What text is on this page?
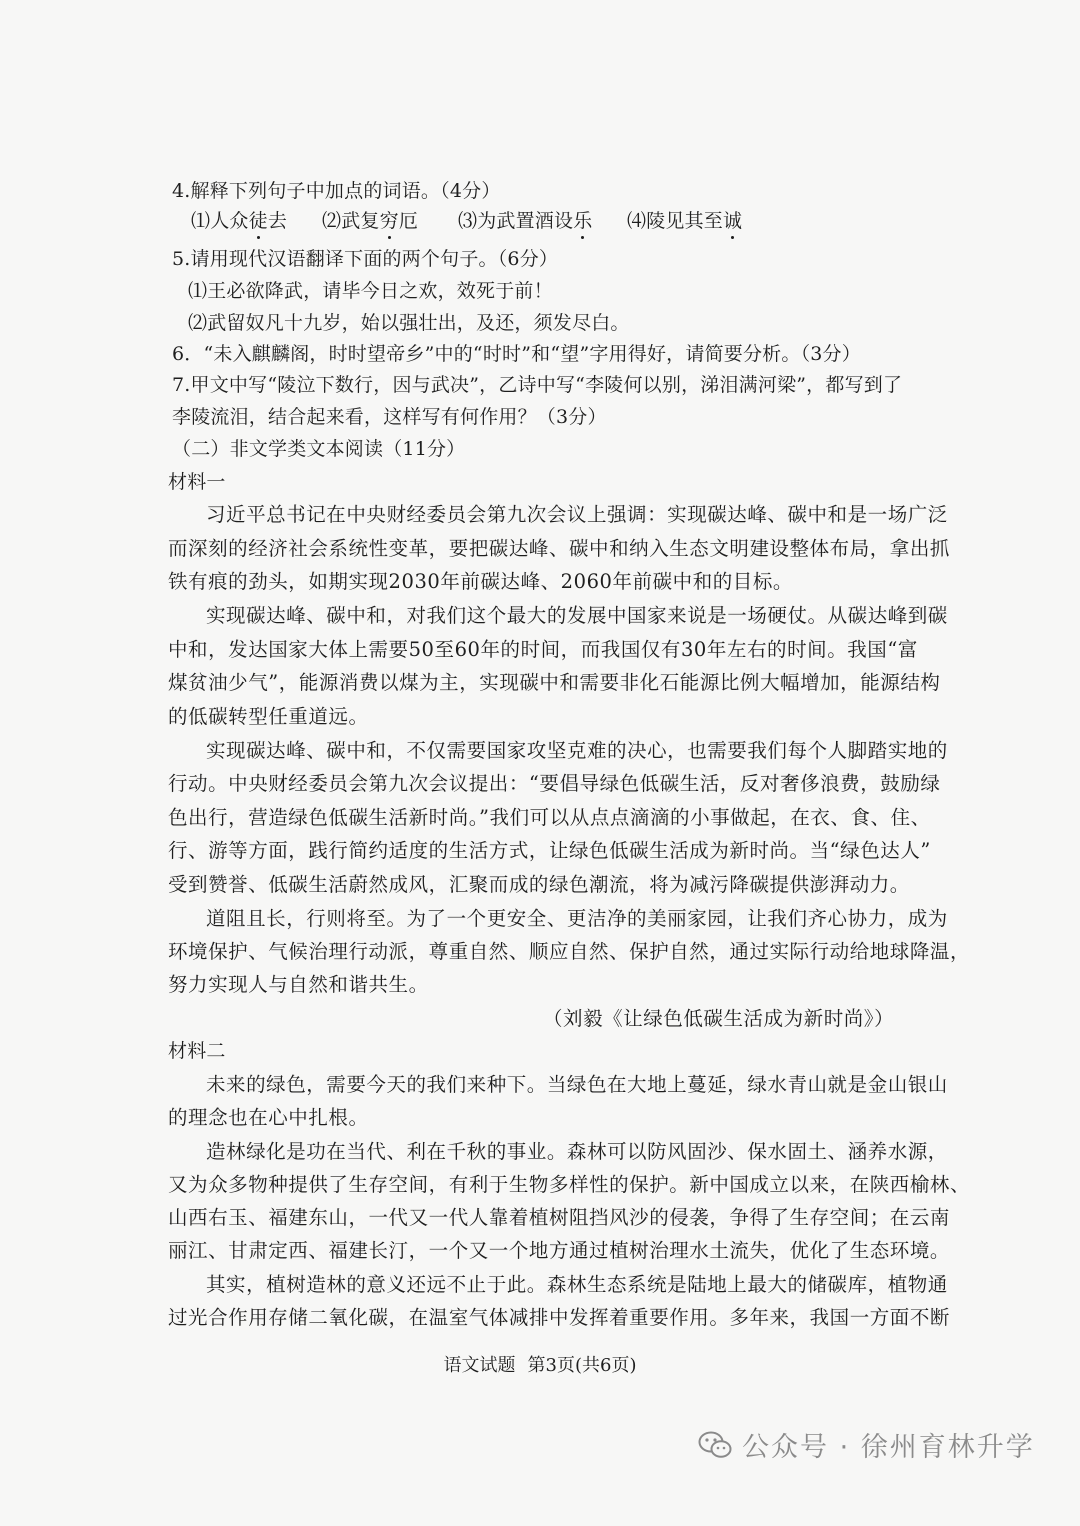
4.解释下列句子中加点的词语。（4分）
⑴人众徒去 ⑵武复穷厄 ⑶为武置酒设乐 ⑷陵见其至诚
5.请用现代汉语翻译下面的两个句子。（6分）
⑴王必欲降武，请毕今日之欢，效死于前！
⑵武留奴凡十九岁，始以强壮出，及还，须发尽白。
6．“未入麒麟阁，时时望帝乡”中的“时时”和“望”字用得好，请简要分析。（3分）
7.甲文中写“陵泣下数行，因与武决”，乙诗中写“李陵何以别，涕泪满河梁”，都写到了
李陵流泪，结合起来看，这样写有何作用？（3分）
（二）非文学类文本阅读（11分）
材料一
习近平总书记在中央财经委员会第九次会议上强调：实现碳达峰、碳中和是一场广泛
而深刻的经济社会系统性变革，要把碳达峰、碳中和纳入生态文明建设整体布局，拿出抓
铁有痕的劲头，如期实现2030年前碳达峰、2060年前碳中和的目标。
实现碳达峰、碳中和，对我们这个最大的发展中国家来说是一场硬仗。从碳达峰到碳
中和，发达国家大体上需要50至60年的时间，而我国仅有30年左右的时间。我国“富
煤贫油少气”，能源消费以煤为主，实现碳中和需要非化石能源比例大幅增加，能源结构
的低碳转型任重道远。
实现碳达峰、碳中和，不仅需要国家攻坚克难的决心，也需要我们每个人脚踏实地的
行动。中央财经委员会第九次会议提出：“要倡导绿色低碳生活，反对奢侈浪费，鼓励绿
色出行，营造绿色低碳生活新时尚。”我们可以从点点滴滴的小事做起，在衣、食、住、
行、游等方面，践行简约适度的生活方式，让绿色低碳生活成为新时尚。当“绿色达人”
受到赞誉、低碳生活蔚然成风，汇聚而成的绿色潮流，将为减污降碳提供澎湃动力。
道阻且长，行则将至。为了一个更安全、更洁净的美丽家园，让我们齐心协力，成为
环境保护、气候治理行动派，尊重自然、顺应自然、保护自然，通过实际行动给地球降温，
努力实现人与自然和谐共生。
（刘毅《让绿色低碳生活成为新时尚》）
材料二
未来的绿色，需要今天的我们来种下。当绿色在大地上蔓延，绿水青山就是金山银山
的理念也在心中扎根。
造林绿化是功在当代、利在千秋的事业。森林可以防风固沙、保水固土、涵养水源，
又为众多物种提供了生存空间，有利于生物多样性的保护。新中国成立以来，在陕西榆林、
山西右玉、福建东山，一代又一代人靠着植树阻挡风沙的侵袭，争得了生存空间；在云南
丽江、甘肃定西、福建长汀，一个又一个地方通过植树治理水土流失，优化了生态环境。
其实，植树造林的意义还远不止于此。森林生态系统是陆地上最大的储碳库，植物通
过光合作用存储二氧化碳，在温室气体减排中发挥着重要作用。多年来，我国一方面不断
语文试题 第3页(共6页)
公众号 · 徐州育林升学
